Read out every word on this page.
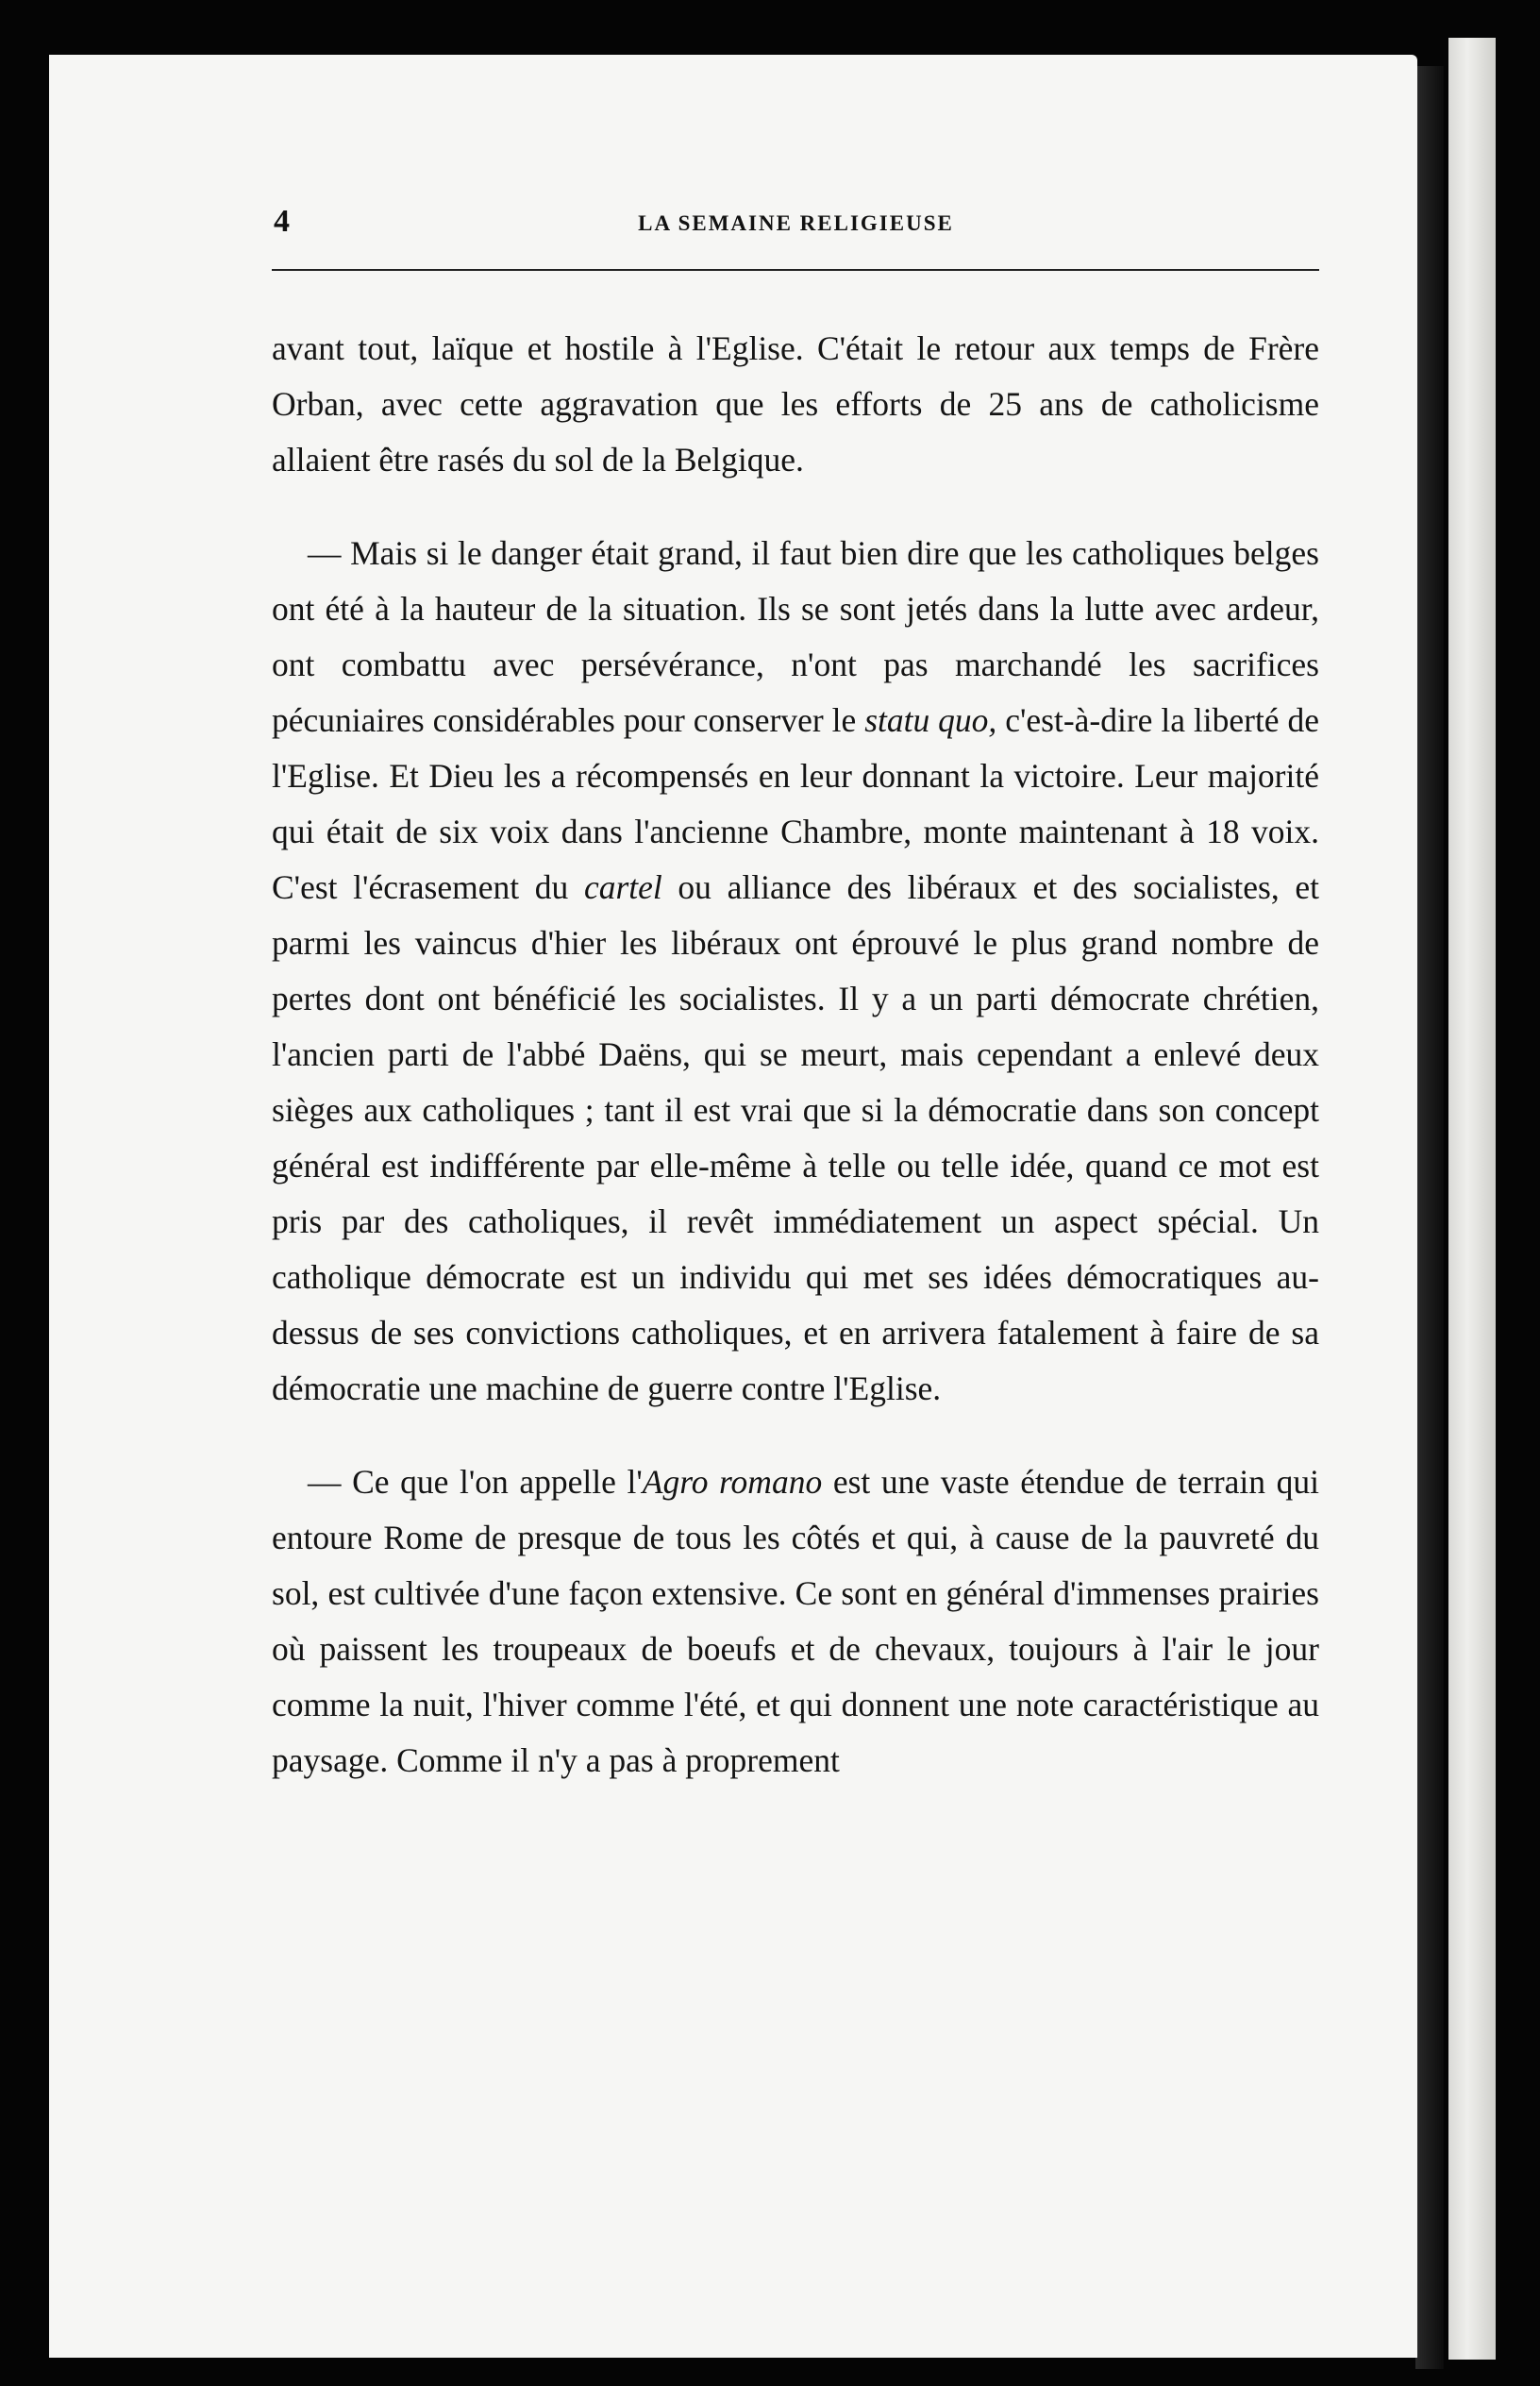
4	LA SEMAINE RELIGIEUSE

avant tout, laïque et hostile à l'Eglise. C'était le retour aux temps de Frère Orban, avec cette aggravation que les efforts de 25 ans de catholicisme allaient être rasés du sol de la Belgique.

— Mais si le danger était grand, il faut bien dire que les catholiques belges ont été à la hauteur de la situation. Ils se sont jetés dans la lutte avec ardeur, ont combattu avec persévérance, n'ont pas marchandé les sacrifices pécuniaires considérables pour conserver le statu quo, c'est-à-dire la liberté de l'Eglise. Et Dieu les a récompensés en leur donnant la victoire. Leur majorité qui était de six voix dans l'ancienne Chambre, monte maintenant à 18 voix. C'est l'écrasement du cartel ou alliance des libéraux et des socialistes, et parmi les vaincus d'hier les libéraux ont éprouvé le plus grand nombre de pertes dont ont bénéficié les socialistes. Il y a un parti démocrate chrétien, l'ancien parti de l'abbé Daëns, qui se meurt, mais cependant a enlevé deux sièges aux catholiques ; tant il est vrai que si la démocratie dans son concept général est indifférente par elle-même à telle ou telle idée, quand ce mot est pris par des catholiques, il revêt immédiatement un aspect spécial. Un catholique démocrate est un individu qui met ses idées démocratiques au-dessus de ses convictions catholiques, et en arrivera fatalement à faire de sa démocratie une machine de guerre contre l'Eglise.

— Ce que l'on appelle l'Agro romano est une vaste étendue de terrain qui entoure Rome de presque de tous les côtés et qui, à cause de la pauvreté du sol, est cultivée d'une façon extensive. Ce sont en général d'immenses prairies où paissent les troupeaux de boeufs et de chevaux, toujours à l'air le jour comme la nuit, l'hiver comme l'été, et qui donnent une note caractéristique au paysage. Comme il n'y a pas à proprement
